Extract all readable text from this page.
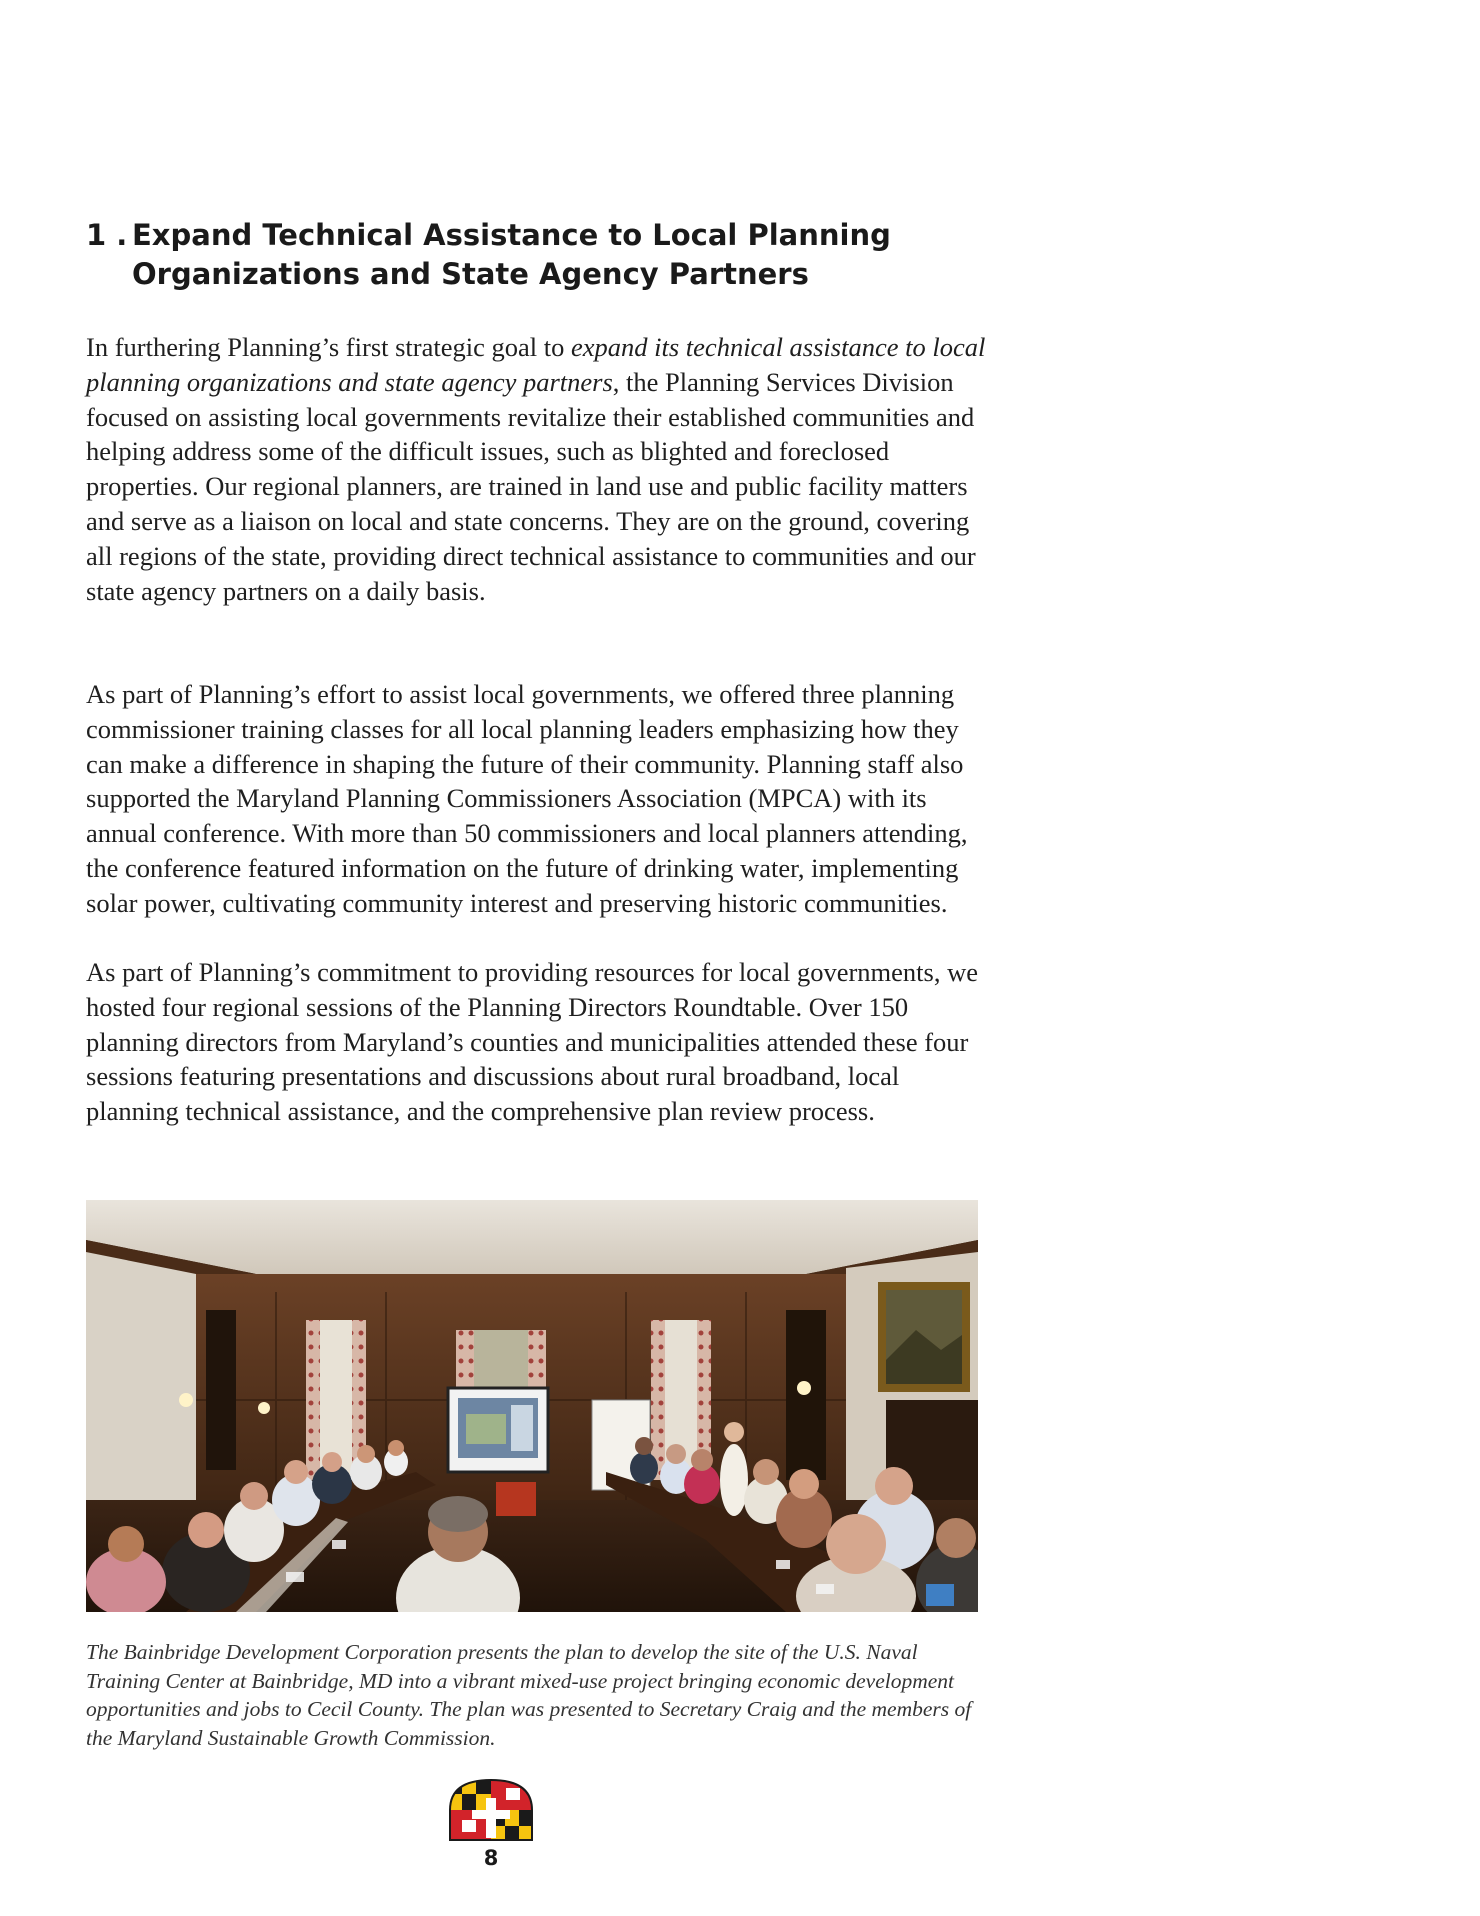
1 . Expand Technical Assistance to Local Planning
Organizations and State Agency Partners

In furthering Planning’s first strategic goal to expand its technical assistance to local planning organizations and state agency partners, the Planning Services Division focused on assisting local governments revitalize their established communities and helping address some of the difficult issues, such as blighted and foreclosed properties. Our regional planners, are trained in land use and public facility matters and serve as a liaison on local and state concerns. They are on the ground, covering all regions of the state, providing direct technical assistance to communities and our state agency partners on a daily basis.

As part of Planning’s effort to assist local governments, we offered three planning commissioner training classes for all local planning leaders emphasizing how they can make a difference in shaping the future of their community. Planning staff also supported the Maryland Planning Commissioners Association (MPCA) with its annual conference. With more than 50 commissioners and local planners attending, the conference featured information on the future of drinking water, implementing solar power, cultivating community interest and preserving historic communities.

As part of Planning’s commitment to providing resources for local governments, we hosted four regional sessions of the Planning Directors Roundtable. Over 150 planning directors from Maryland’s counties and municipalities attended these four sessions featuring presentations and discussions about rural broadband, local planning technical assistance, and the comprehensive plan review process.

The Bainbridge Development Corporation presents the plan to develop the site of the U.S. Naval Training Center at Bainbridge, MD into a vibrant mixed-use project bringing economic development opportunities and jobs to Cecil County. The plan was presented to Secretary Craig and the members of the Maryland Sustainable Growth Commission.

8
